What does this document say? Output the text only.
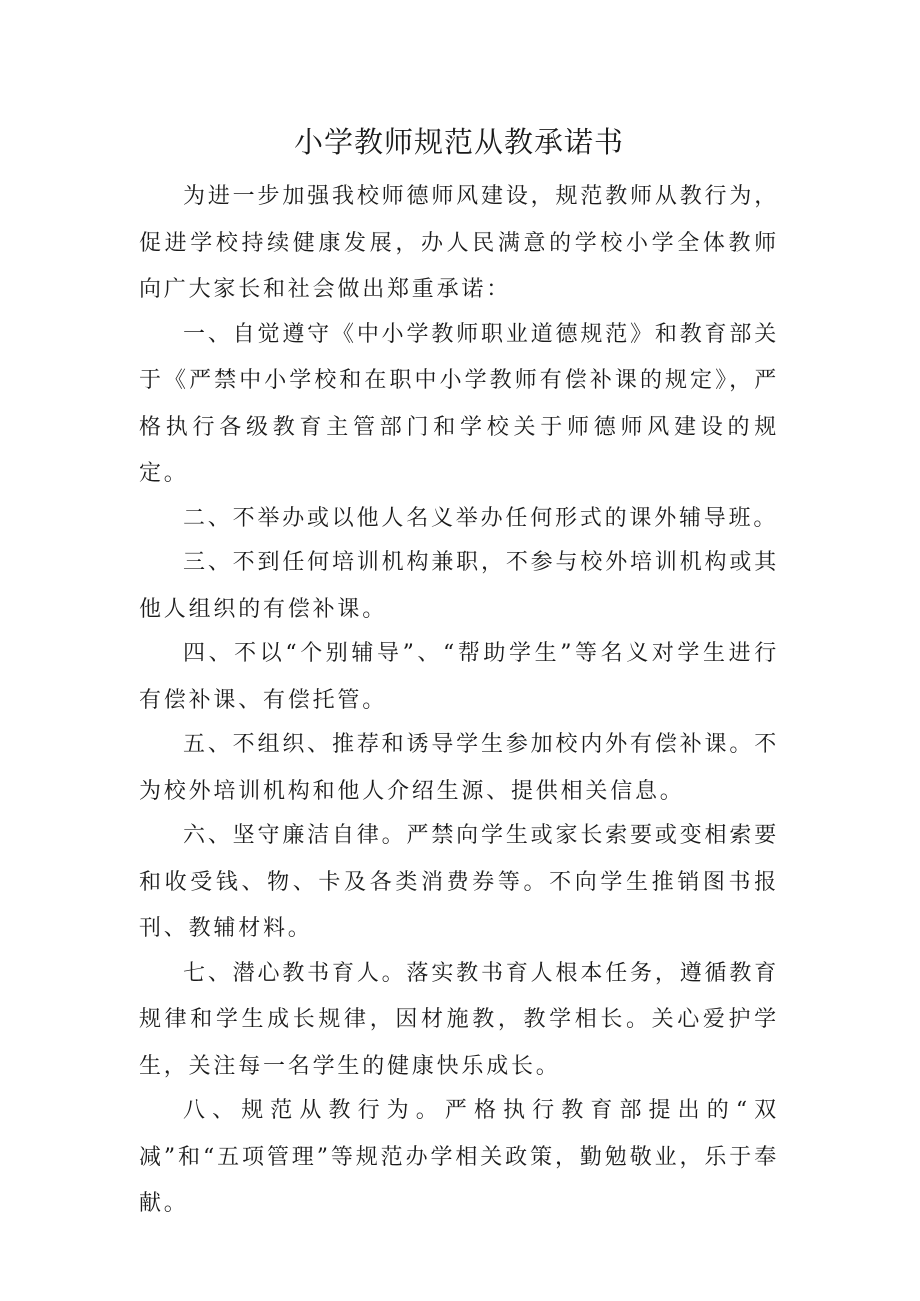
小学教师规范从教承诺书

为进一步加强我校师德师风建设，规范教师从教行为，促进学校持续健康发展，办人民满意的学校小学全体教师向广大家长和社会做出郑重承诺：

一、自觉遵守《中小学教师职业道德规范》和教育部关于《严禁中小学校和在职中小学教师有偿补课的规定》，严格执行各级教育主管部门和学校关于师德师风建设的规定。

二、不举办或以他人名义举办任何形式的课外辅导班。

三、不到任何培训机构兼职，不参与校外培训机构或其他人组织的有偿补课。

四、不以“个别辅导”、“帮助学生”等名义对学生进行有偿补课、有偿托管。

五、不组织、推荐和诱导学生参加校内外有偿补课。不为校外培训机构和他人介绍生源、提供相关信息。

六、坚守廉洁自律。严禁向学生或家长索要或变相索要和收受钱、物、卡及各类消费券等。不向学生推销图书报刊、教辅材料。

七、潜心教书育人。落实教书育人根本任务，遵循教育规律和学生成长规律，因材施教，教学相长。关心爱护学生，关注每一名学生的健康快乐成长。

八、规范从教行为。严格执行教育部提出的“双减”和“五项管理”等规范办学相关政策，勤勉敬业，乐于奉献。
